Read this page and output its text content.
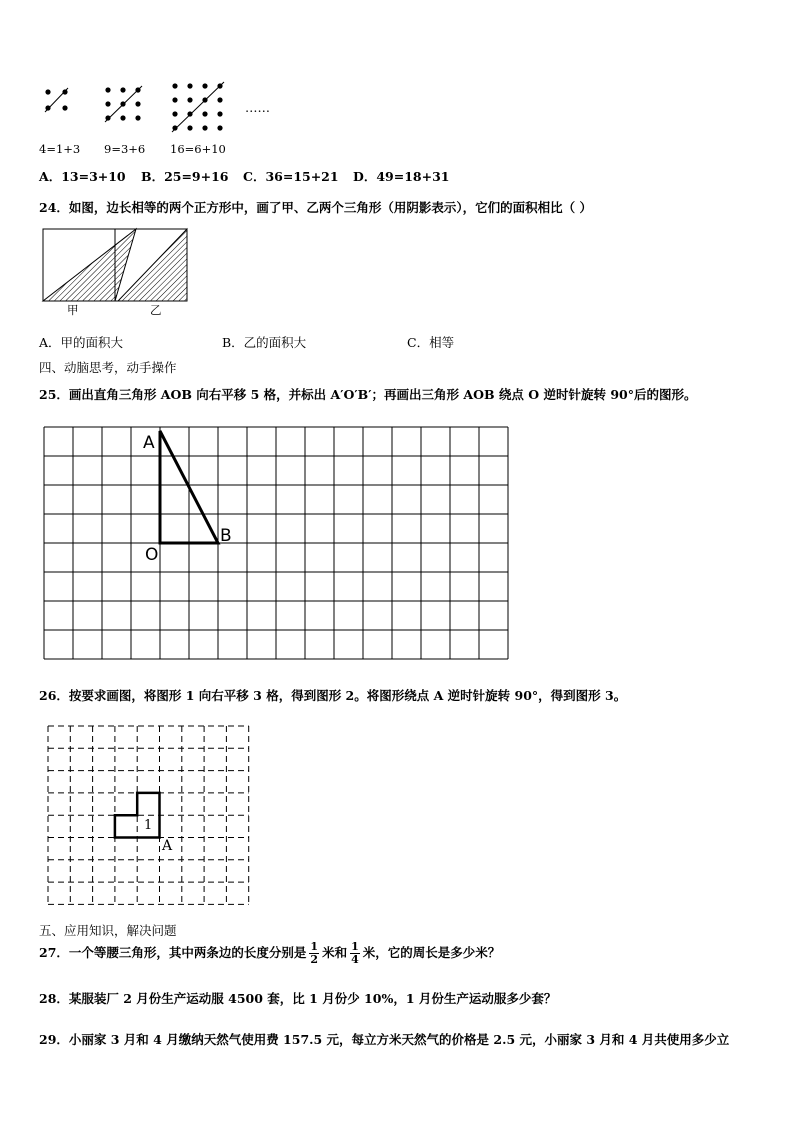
……
4=1+3 9=3+6 16=6+10
A．13=3+10 B．25=9+16 C．36=15+21 D．49=18+31
24．如图，边长相等的两个正方形中，画了甲、乙两个三角形（用阴影表示），它们的面积相比（ ）
甲	乙
A．甲的面积大	B．乙的面积大	C．相等
四、动脑思考，动手操作
25．画出直角三角形 AOB 向右平移 5 格，并标出 A′O′B′；再画出三角形 AOB 绕点 O 逆时针旋转 90°后的图形。
A
O
B
26．按要求画图，将图形 1 向右平移 3 格，得到图形 2。将图形绕点 A 逆时针旋转 90°，得到图形 3。
1
A
五、应用知识，解决问题
27．一个等腰三角形，其中两条边的长度分别是 $\frac{1}{2}$ 米和 $\frac{1}{4}$ 米，它的周长是多少米？
28．某服装厂 2 月份生产运动服 4500 套，比 1 月份少 10%，1 月份生产运动服多少套？
29．小丽家 3 月和 4 月缴纳天然气使用费 157.5 元，每立方米天然气的价格是 2.5 元，小丽家 3 月和 4 月共使用多少立
